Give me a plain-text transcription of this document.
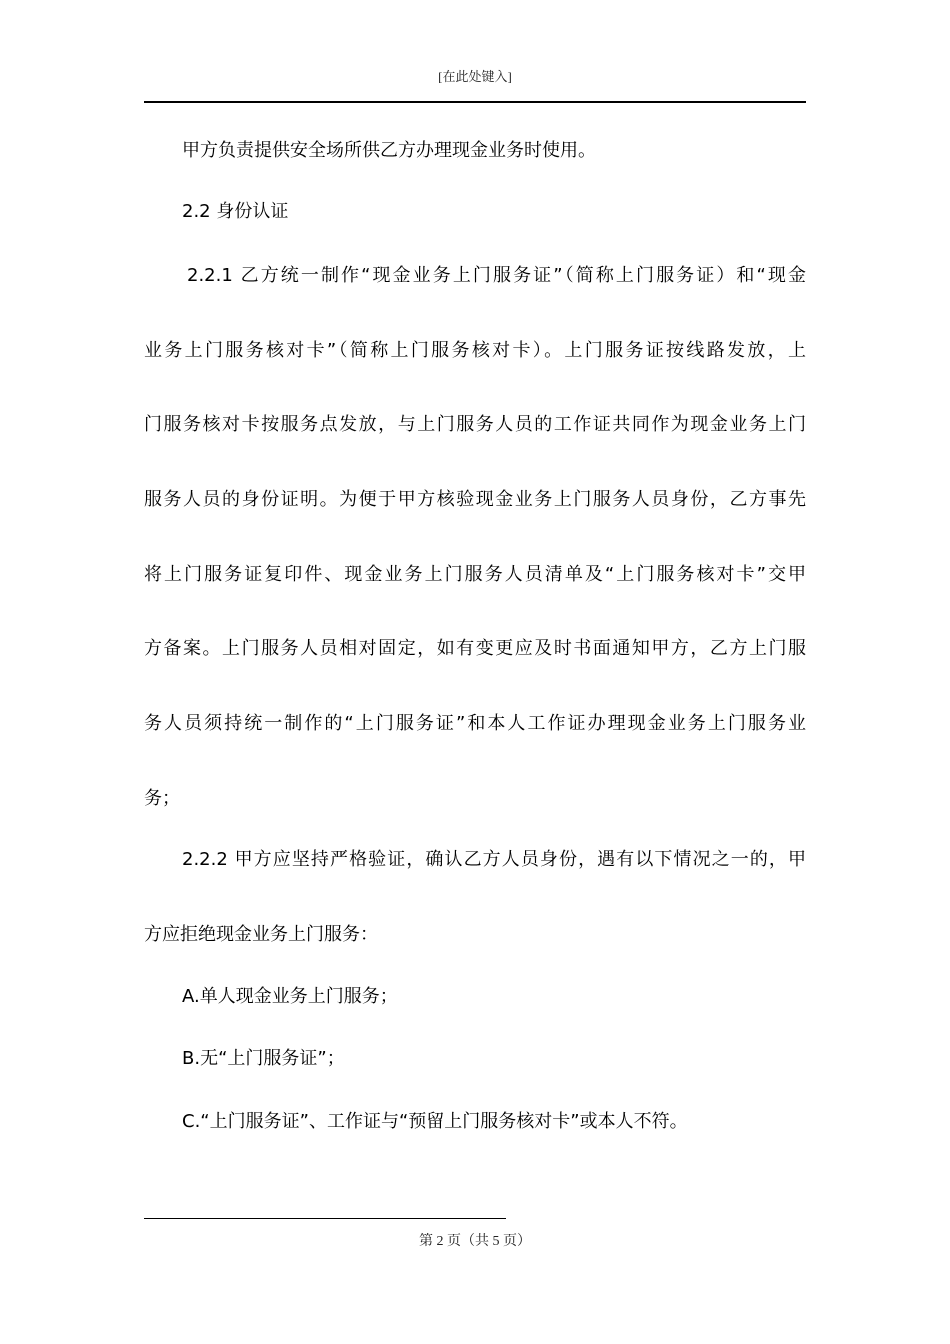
[在此处键入]
甲方负责提供安全场所供乙方办理现金业务时使用。
2.2 身份认证
2.2.1 乙方统一制作“现金业务上门服务证”（简称上门服务证）和“现金
业务上门服务核对卡”（简称上门服务核对卡）。上门服务证按线路发放，上
门服务核对卡按服务点发放，与上门服务人员的工作证共同作为现金业务上门
服务人员的身份证明。为便于甲方核验现金业务上门服务人员身份，乙方事先
将上门服务证复印件、现金业务上门服务人员清单及“上门服务核对卡”交甲
方备案。上门服务人员相对固定，如有变更应及时书面通知甲方，乙方上门服
务人员须持统一制作的“上门服务证”和本人工作证办理现金业务上门服务业
务；
2.2.2 甲方应坚持严格验证，确认乙方人员身份，遇有以下情况之一的，甲
方应拒绝现金业务上门服务：
A.单人现金业务上门服务；
B.无“上门服务证”；
C.“上门服务证”、工作证与“预留上门服务核对卡”或本人不符。
第 2 页（共 5 页）
